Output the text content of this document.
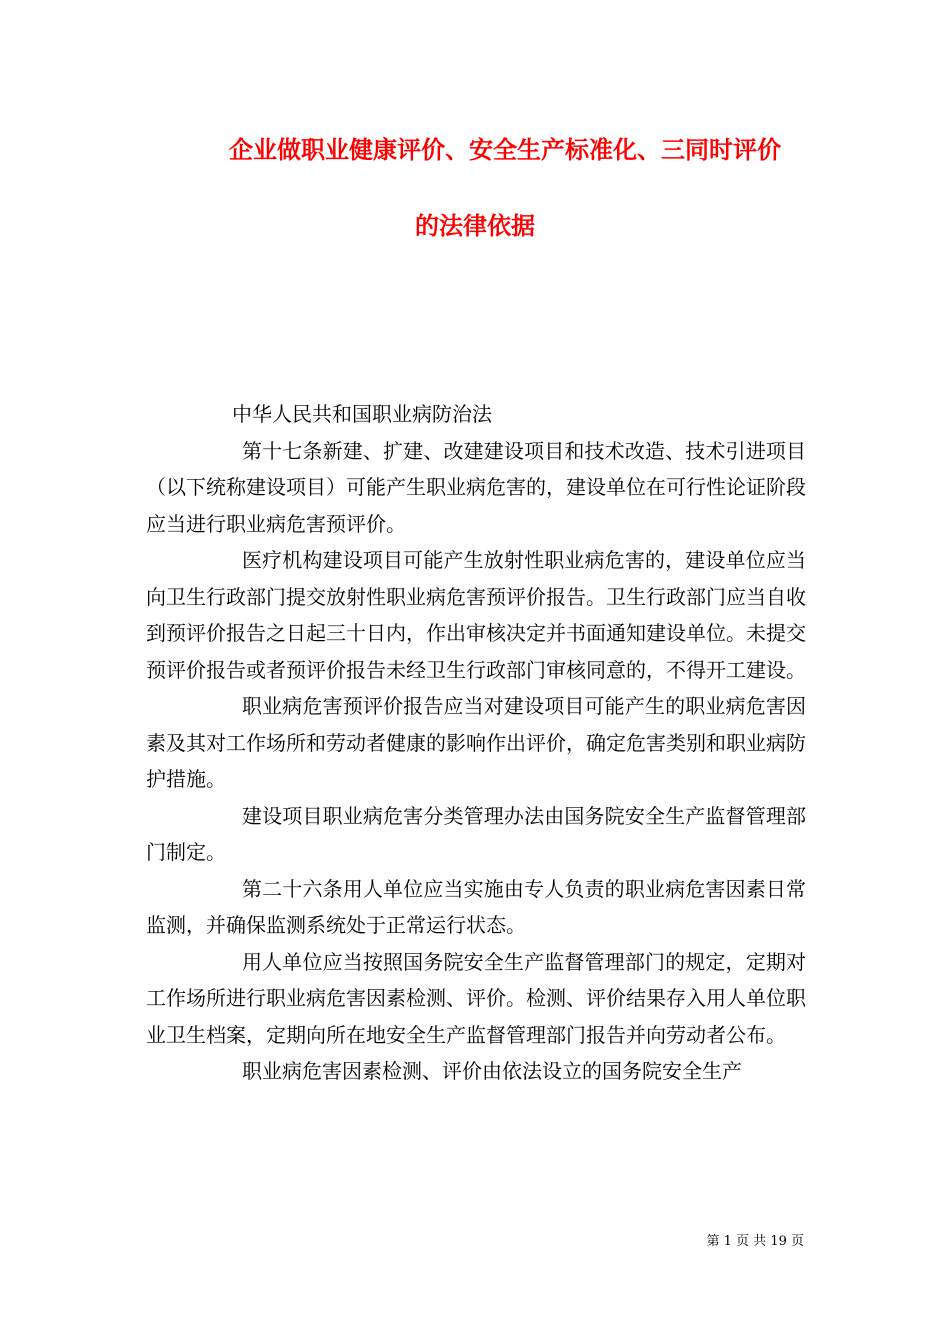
企业做职业健康评价、安全生产标准化、三同时评价
的法律依据

中华人民共和国职业病防治法

第十七条新建、扩建、改建建设项目和技术改造、技术引进项目（以下统称建设项目）可能产生职业病危害的，建设单位在可行性论证阶段应当进行职业病危害预评价。

医疗机构建设项目可能产生放射性职业病危害的，建设单位应当向卫生行政部门提交放射性职业病危害预评价报告。卫生行政部门应当自收到预评价报告之日起三十日内，作出审核决定并书面通知建设单位。未提交预评价报告或者预评价报告未经卫生行政部门审核同意的，不得开工建设。

职业病危害预评价报告应当对建设项目可能产生的职业病危害因素及其对工作场所和劳动者健康的影响作出评价，确定危害类别和职业病防护措施。

建设项目职业病危害分类管理办法由国务院安全生产监督管理部门制定。

第二十六条用人单位应当实施由专人负责的职业病危害因素日常监测，并确保监测系统处于正常运行状态。

用人单位应当按照国务院安全生产监督管理部门的规定，定期对工作场所进行职业病危害因素检测、评价。检测、评价结果存入用人单位职业卫生档案，定期向所在地安全生产监督管理部门报告并向劳动者公布。

职业病危害因素检测、评价由依法设立的国务院安全生产

第 1 页 共 19 页
